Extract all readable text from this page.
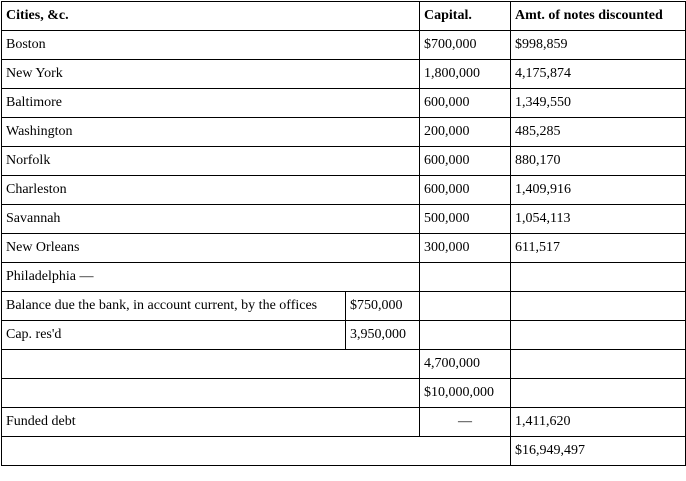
Cities, &c.		Capital.	Amt. of notes discounted
Boston		$700,000	$998,859
New York		1,800,000	4,175,874
Baltimore		600,000	1,349,550
Washington		200,000	485,285
Norfolk		600,000	880,170
Charleston		600,000	1,409,916
Savannah		500,000	1,054,113
New Orleans		300,000	611,517
Philadelphia —			
Balance due the bank, in account current, by the offices	$750,000		
Cap. res'd	3,950,000		
		4,700,000	
		$10,000,000	
Funded debt		—	1,411,620
			$16,949,497
